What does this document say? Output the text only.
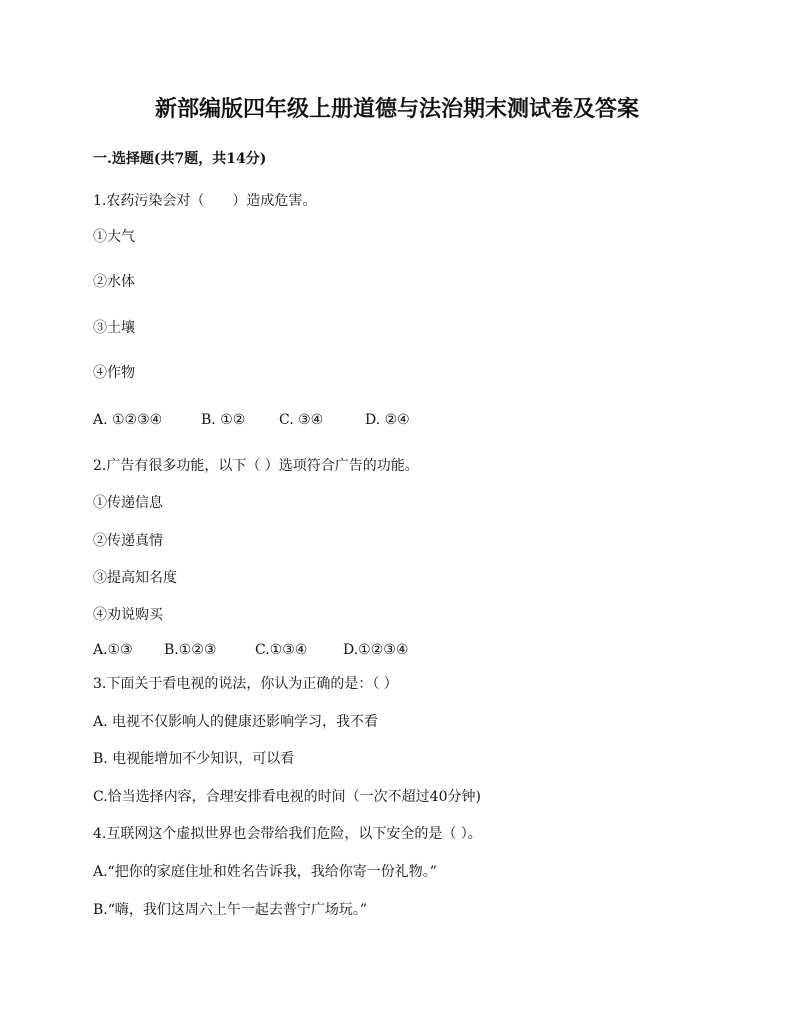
新部编版四年级上册道德与法治期末测试卷及答案
一.选择题(共7题，共14分)
1.农药污染会对（　　）造成危害。
①大气
②水体
③土壤
④作物
A. ①②③④	B. ①② C. ③④	D. ②④
2.广告有很多功能，以下（ ）选项符合广告的功能。
①传递信息
②传递真情
③提高知名度
④劝说购买
A.①③ B.①②③	C.①③④	D.①②③④
3.下面关于看电视的说法，你认为正确的是：（ ）
A. 电视不仅影响人的健康还影响学习，我不看
B. 电视能增加不少知识，可以看
C.恰当选择内容，合理安排看电视的时间（一次不超过40分钟)
4.互联网这个虚拟世界也会带给我们危险，以下安全的是（ ）。
A.“把你的家庭住址和姓名告诉我，我给你寄一份礼物。”
B.“嗨，我们这周六上午一起去普宁广场玩。”
